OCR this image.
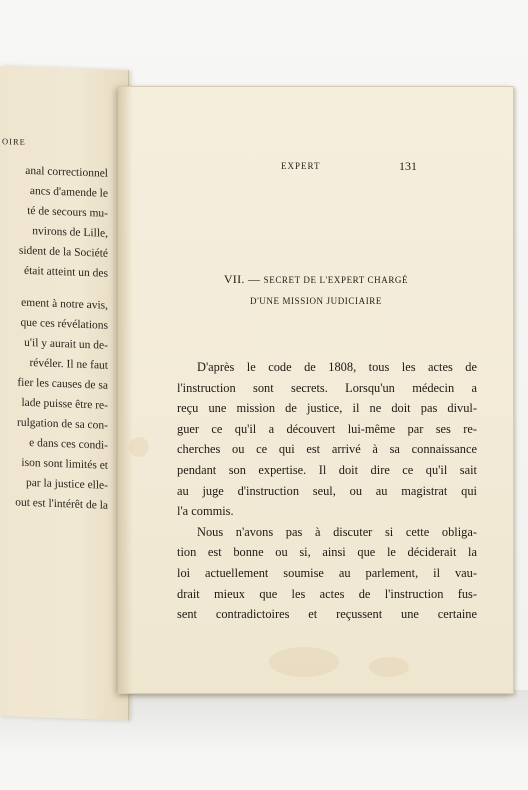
OIRE
anal correctionnel
ancs d'amende le
té de secours mu-
nvirons de Lille,
sident de la Société
était atteint un des
ement à notre avis,
que ces révélations
u'il y aurait un de-
révéler. Il ne faut
fier les causes de sa
lade puisse être re-
rulgation de sa con-
e dans ces condi-
ison sont limités et
par la justice elle-
out est l'intérêt de la
EXPERT	131
VII. — SECRET DE L'EXPERT CHARGÉ
D'UNE MISSION JUDICIAIRE
D'après le code de 1808, tous les actes de
l'instruction sont secrets. Lorsqu'un médecin a
reçu une mission de justice, il ne doit pas divul-
guer ce qu'il a découvert lui-même par ses re-
cherches ou ce qui est arrivé à sa connaissance
pendant son expertise. Il doit dire ce qu'il sait
au juge d'instruction seul, ou au magistrat qui
l'a commis.
Nous n'avons pas à discuter si cette obliga-
tion est bonne ou si, ainsi que le déciderait la
loi actuellement soumise au parlement, il vau-
drait mieux que les actes de l'instruction fus-
sent contradictoires et reçussent une certaine
